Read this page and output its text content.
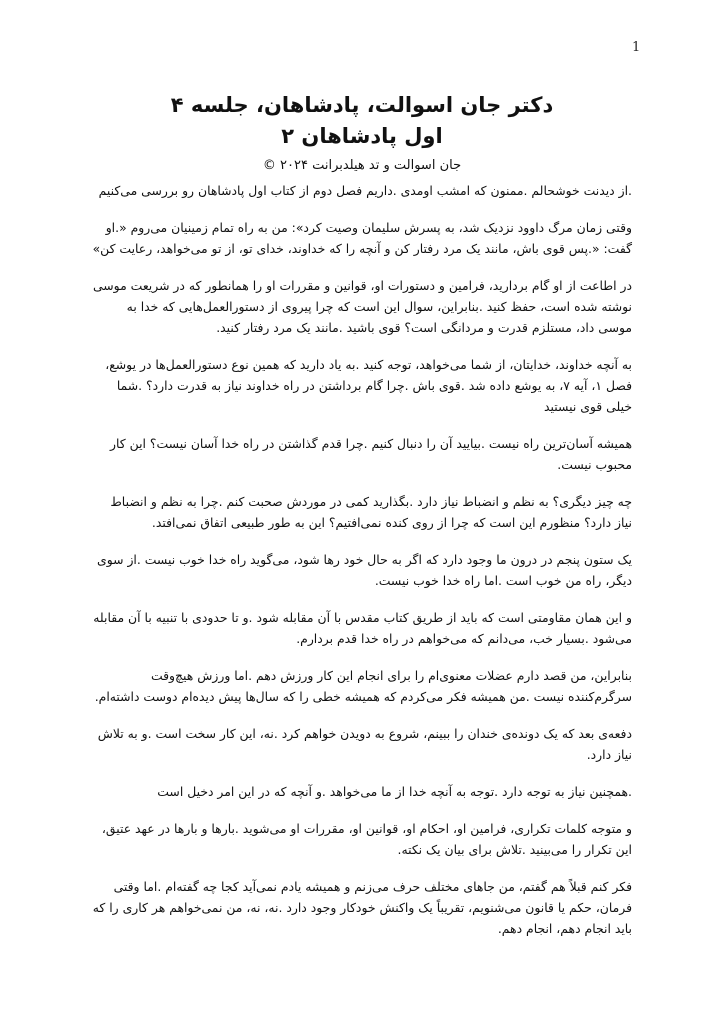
1
دکتر جان اسوالت، پادشاهان، جلسه ۴
اول پادشاهان ۲
جان اسوالت و تد هیلدبرانت ۲۰۲۴ ©

.از دیدنت خوشحالم .ممنون که امشب اومدی .داریم فصل دوم از کتاب اول پادشاهان رو بررسی می‌کنیم

وقتی زمان مرگ داوود نزدیک شد، به پسرش سلیمان وصیت کرد»: من به راه تمام زمینیان می‌روم «.او گفت: «.پس قوی باش، مانند یک مرد رفتار کن و آنچه را که خداوند، خدای تو، از تو می‌خواهد، رعایت کن»

در اطاعت از او گام بردارید، فرامین و دستورات او، قوانین و مقررات او را همانطور که در شریعت موسی نوشته شده است، حفظ کنید .بنابراین، سوال این است که چرا پیروی از دستورالعمل‌هایی که خدا به موسی داد، مستلزم قدرت و مردانگی است؟ قوی باشید .مانند یک مرد رفتار کنید.

به آنچه خداوند، خدایتان، از شما می‌خواهد، توجه کنید .به یاد دارید که همین نوع دستورالعمل‌ها در یوشع، فصل ۱، آیه ۷، به یوشع داده شد .قوی باش .چرا گام برداشتن در راه خداوند نیاز به قدرت دارد؟ .شما خیلی قوی نیستید

همیشه آسان‌ترین راه نیست .بیایید آن را دنبال کنیم .چرا قدم گذاشتن در راه خدا آسان نیست؟ این کار محبوب نیست.

چه چیز دیگری؟ به نظم و انضباط نیاز دارد .بگذارید کمی در موردش صحبت کنم .چرا به نظم و انضباط نیاز دارد؟ منظورم این است که چرا از روی کنده نمی‌افتیم؟ این به طور طبیعی اتفاق نمی‌افتد.

یک ستون پنجم در درون ما وجود دارد که اگر به حال خود رها شود، می‌گوید راه خدا خوب نیست .از سوی دیگر، راه من خوب است .اما راه خدا خوب نیست.

و این همان مقاومتی است که باید از طریق کتاب مقدس با آن مقابله شود .و تا حدودی با تنبیه با آن مقابله می‌شود .بسیار خب، می‌دانم که می‌خواهم در راه خدا قدم بردارم.

بنابراین، من قصد دارم عضلات معنوی‌ام را برای انجام این کار ورزش دهم .اما ورزش هیچ‌وقت سرگرم‌کننده نیست .من همیشه فکر می‌کردم که همیشه خطی را که سال‌ها پیش دیده‌ام دوست داشته‌ام.

دفعه‌ی بعد که یک دونده‌ی خندان را ببینم، شروع به دویدن خواهم کرد .نه، این کار سخت است .و به تلاش نیاز دارد.

.همچنین نیاز به توجه دارد .توجه به آنچه خدا از ما می‌خواهد .و آنچه که در این امر دخیل است

و متوجه کلمات تکراری، فرامین او، احکام او، قوانین او، مقررات او می‌شوید .بارها و بارها در عهد عتیق، این تکرار را می‌بینید .تلاش برای بیان یک نکته.

فکر کنم قبلاً هم گفتم، من جاهای مختلف حرف می‌زنم و همیشه یادم نمی‌آید کجا چه گفته‌ام .اما وقتی فرمان، حکم یا قانون می‌شنویم، تقریباً یک واکنش خودکار وجود دارد .نه، نه، من نمی‌خواهم هر کاری را که باید انجام دهم، انجام دهم.
